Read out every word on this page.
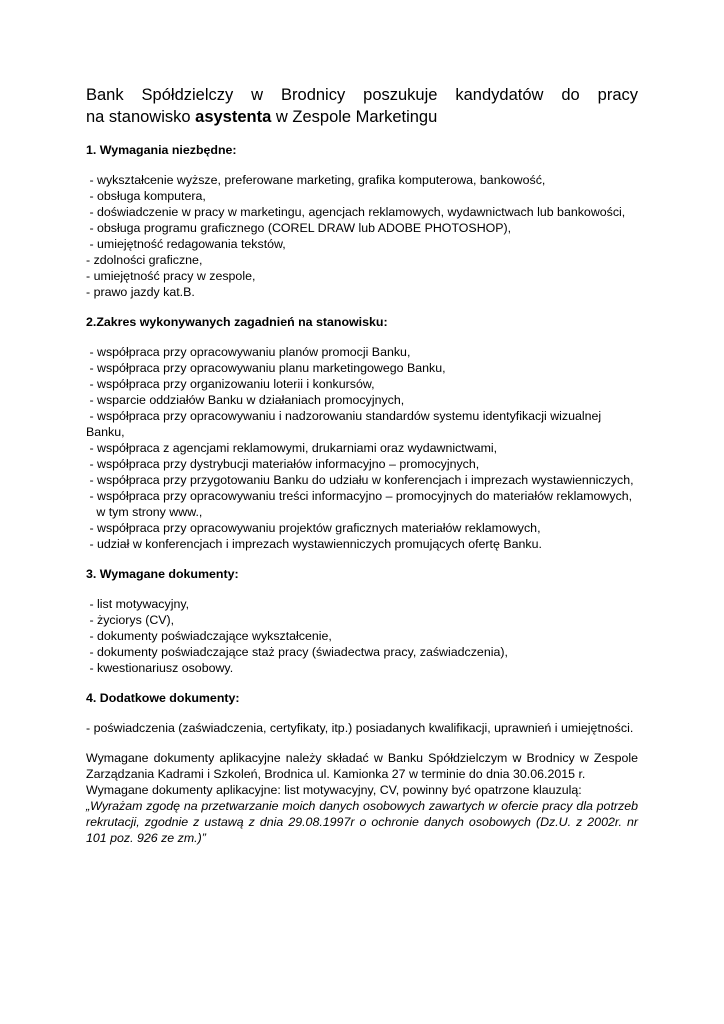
Bank Spółdzielczy w Brodnicy poszukuje kandydatów do pracy
na stanowisko asystenta w Zespole Marketingu
1. Wymagania niezbędne:
- wykształcenie wyższe, preferowane marketing, grafika komputerowa, bankowość,
- obsługa komputera,
- doświadczenie w pracy w marketingu, agencjach reklamowych, wydawnictwach lub bankowości,
- obsługa programu graficznego (COREL DRAW lub ADOBE PHOTOSHOP),
- umiejętność redagowania tekstów,
- zdolności graficzne,
- umiejętność pracy w zespole,
- prawo jazdy kat.B.
2.Zakres wykonywanych zagadnień na stanowisku:
- współpraca przy opracowywaniu planów promocji Banku,
- współpraca przy opracowywaniu planu marketingowego Banku,
- współpraca przy organizowaniu loterii i konkursów,
- wsparcie oddziałów Banku w działaniach promocyjnych,
- współpraca przy opracowywaniu i nadzorowaniu standardów systemu identyfikacji wizualnej Banku,
- współpraca z agencjami reklamowymi, drukarniami oraz wydawnictwami,
- współpraca przy dystrybucji materiałów informacyjno – promocyjnych,
- współpraca przy przygotowaniu Banku do udziału w konferencjach i imprezach wystawienniczych,
- współpraca przy opracowywaniu treści informacyjno – promocyjnych do materiałów reklamowych,
w tym strony www.,
- współpraca przy opracowywaniu projektów graficznych materiałów reklamowych,
- udział w konferencjach i imprezach wystawienniczych promujących ofertę Banku.
3. Wymagane dokumenty:
- list motywacyjny,
- życiorys (CV),
- dokumenty poświadczające wykształcenie,
- dokumenty poświadczające staż pracy (świadectwa pracy, zaświadczenia),
- kwestionariusz osobowy.
4. Dodatkowe dokumenty:
- poświadczenia (zaświadczenia, certyfikaty, itp.) posiadanych kwalifikacji, uprawnień i umiejętności.

Wymagane dokumenty aplikacyjne należy składać w Banku Spółdzielczym w Brodnicy w Zespole Zarządzania Kadrami i Szkoleń, Brodnica ul. Kamionka 27 w terminie do dnia 30.06.2015 r.

Wymagane dokumenty aplikacyjne: list motywacyjny, CV, powinny być opatrzone klauzulą:

„Wyrażam zgodę na przetwarzanie moich danych osobowych zawartych w ofercie pracy dla potrzeb rekrutacji, zgodnie z ustawą z dnia 29.08.1997r o ochronie danych osobowych (Dz.U. z 2002r. nr 101 poz. 926 ze zm.)”
